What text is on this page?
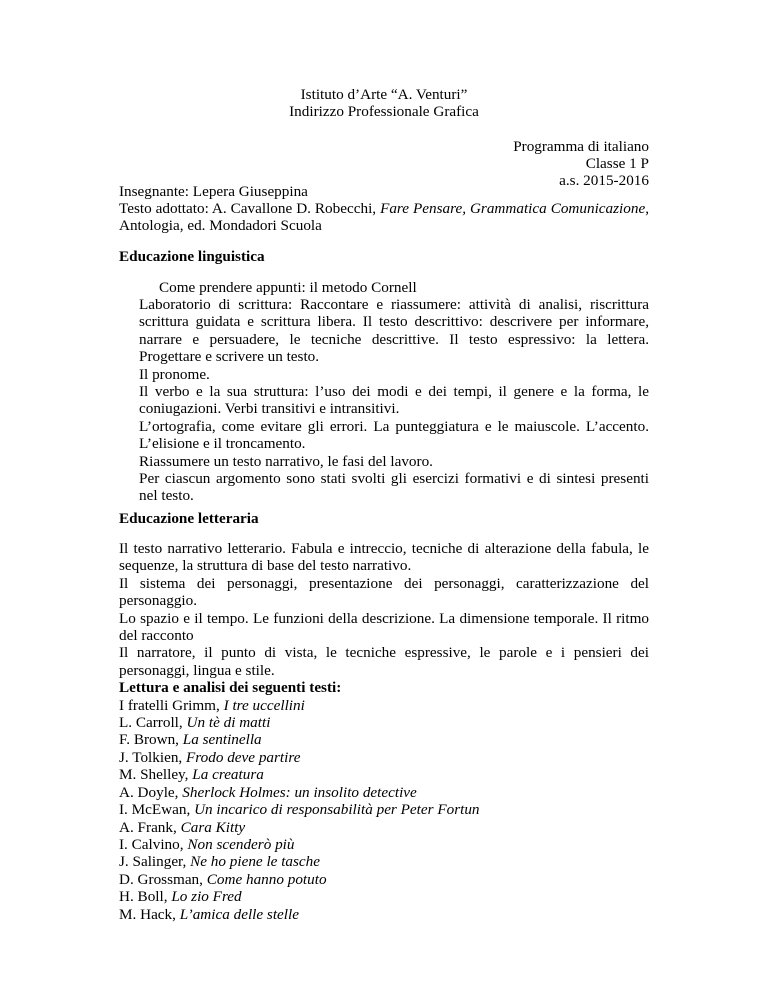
Istituto d’Arte “A. Venturi”
Indirizzo Professionale Grafica
Programma di italiano
Classe 1 P
a.s. 2015-2016
Insegnante: Lepera Giuseppina
Testo adottato: A. Cavallone D. Robecchi, Fare Pensare, Grammatica Comunicazione, Antologia, ed. Mondadori Scuola
Educazione linguistica
Come prendere appunti: il metodo Cornell

Laboratorio di scrittura: Raccontare e riassumere: attività di analisi, riscrittura scrittura guidata e scrittura libera. Il testo descrittivo: descrivere per informare, narrare e persuadere, le tecniche descrittive. Il testo espressivo: la lettera. Progettare e scrivere un testo.

Il pronome.

Il verbo e la sua struttura: l’uso dei modi e dei tempi, il genere e la forma, le coniugazioni. Verbi transitivi e intransitivi.

L’ortografia, come evitare gli errori. La punteggiatura e le maiuscole. L’accento. L’elisione e il troncamento.

Riassumere un testo narrativo, le fasi del lavoro.

Per ciascun argomento sono stati svolti gli esercizi formativi e di sintesi presenti nel testo.

Educazione letteraria

Il testo narrativo letterario. Fabula e intreccio, tecniche di alterazione della fabula, le sequenze, la struttura di base del testo narrativo.

Il sistema dei personaggi, presentazione dei personaggi, caratterizzazione del personaggio.

Lo spazio e il tempo. Le funzioni della descrizione. La dimensione temporale. Il ritmo del racconto

Il narratore, il punto di vista, le tecniche espressive, le parole e i pensieri dei personaggi, lingua e stile.

Lettura e analisi dei seguenti testi:

I fratelli Grimm, I tre uccellini

L. Carroll, Un tè di matti

F. Brown, La sentinella

J. Tolkien, Frodo deve partire

M. Shelley, La creatura

A. Doyle, Sherlock Holmes: un insolito detective

I. McEwan, Un incarico di responsabilità per Peter Fortun

A. Frank, Cara Kitty

I. Calvino, Non scenderò più

J. Salinger, Ne ho piene le tasche

D. Grossman, Come hanno potuto

H. Boll, Lo zio Fred

M. Hack, L’amica delle stelle
